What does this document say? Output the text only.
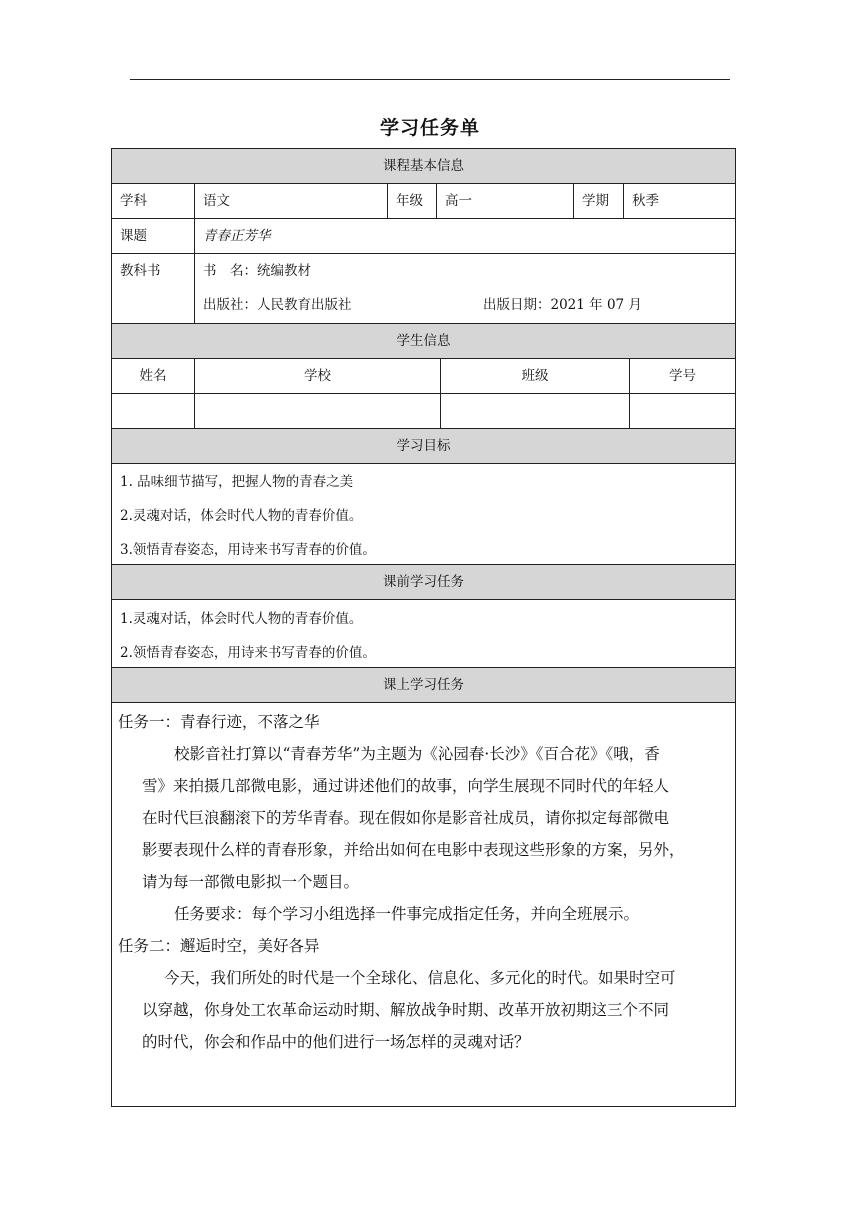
学习任务单
课程基本信息
学科	语文	年级	高一	学期	秋季
课题	青春正芳华
教科书	书　名：统编教材
出版社：人民教育出版社	出版日期：2021 年 07 月
学生信息
姓名	学校	班级	学号
学习目标
1. 品味细节描写，把握人物的青春之美
2.灵魂对话，体会时代人物的青春价值。
3.领悟青春姿态，用诗来书写青春的价值。
课前学习任务
1.灵魂对话，体会时代人物的青春价值。
2.领悟青春姿态，用诗来书写青春的价值。
课上学习任务
任务一：青春行迹，不落之华
校影音社打算以“青春芳华”为主题为《沁园春·长沙》《百合花》《哦，香
雪》来拍摄几部微电影，通过讲述他们的故事，向学生展现不同时代的年轻人
在时代巨浪翻滚下的芳华青春。现在假如你是影音社成员，请你拟定每部微电
影要表现什么样的青春形象，并给出如何在电影中表现这些形象的方案，另外，
请为每一部微电影拟一个题目。
任务要求：每个学习小组选择一件事完成指定任务，并向全班展示。
任务二：邂逅时空，美好各异
今天，我们所处的时代是一个全球化、信息化、多元化的时代。如果时空可
以穿越，你身处工农革命运动时期、解放战争时期、改革开放初期这三个不同
的时代，你会和作品中的他们进行一场怎样的灵魂对话？
